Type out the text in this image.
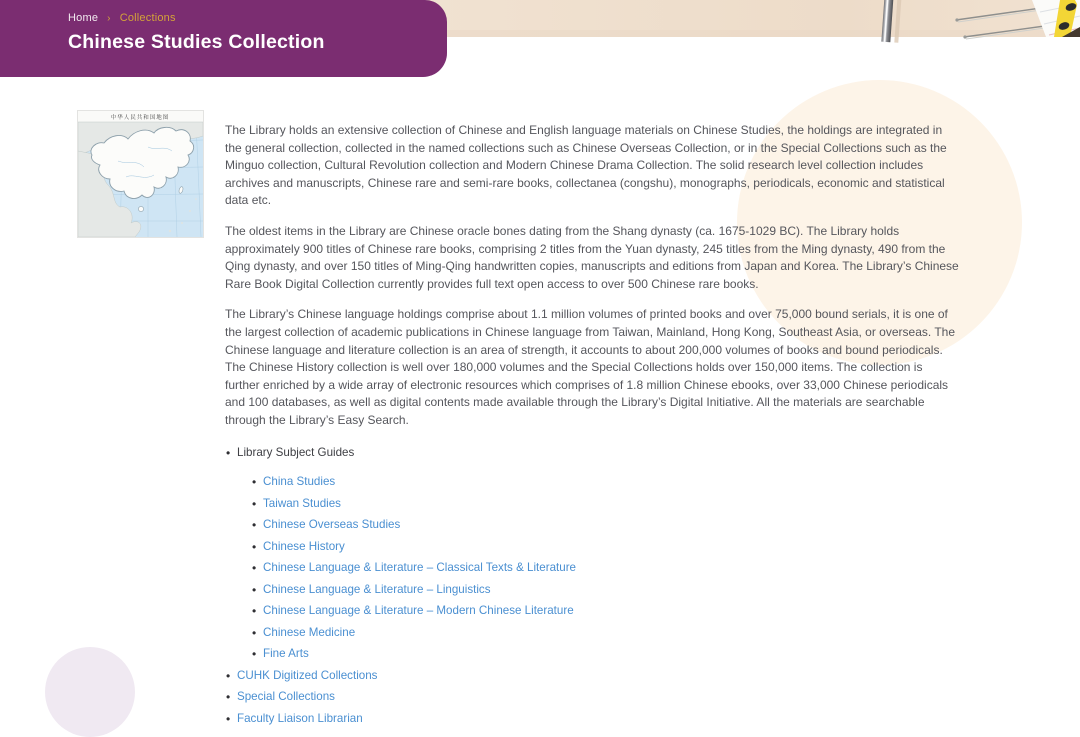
Home › Collections
Chinese Studies Collection
中华人民共和国地图

The Library holds an extensive collection of Chinese and English language materials on Chinese Studies, the holdings are integrated in the general collection, collected in the named collections such as Chinese Overseas Collection, or in the Special Collections such as the Minguo collection, Cultural Revolution collection and Modern Chinese Drama Collection. The solid research level collection includes archives and manuscripts, Chinese rare and semi-rare books, collectanea (congshu), monographs, periodicals, economic and statistical data etc.

The oldest items in the Library are Chinese oracle bones dating from the Shang dynasty (ca. 1675-1029 BC). The Library holds approximately 900 titles of Chinese rare books, comprising 2 titles from the Yuan dynasty, 245 titles from the Ming dynasty, 490 from the Qing dynasty, and over 150 titles of Ming-Qing handwritten copies, manuscripts and editions from Japan and Korea. The Library’s Chinese Rare Book Digital Collection currently provides full text open access to over 500 Chinese rare books.

The Library’s Chinese language holdings comprise about 1.1 million volumes of printed books and over 75,000 bound serials, it is one of the largest collection of academic publications in Chinese language from Taiwan, Mainland, Hong Kong, Southeast Asia, or overseas. The Chinese language and literature collection is an area of strength, it accounts to about 200,000 volumes of books and bound periodicals. The Chinese History collection is well over 180,000 volumes and the Special Collections holds over 150,000 items. The collection is further enriched by a wide array of electronic resources which comprises of 1.8 million Chinese ebooks, over 33,000 Chinese periodicals and 100 databases, as well as digital contents made available through the Library’s Digital Initiative. All the materials are searchable through the Library’s Easy Search.

• Library Subject Guides
• China Studies
• Taiwan Studies
• Chinese Overseas Studies
• Chinese History
• Chinese Language & Literature – Classical Texts & Literature
• Chinese Language & Literature – Linguistics
• Chinese Language & Literature – Modern Chinese Literature
• Chinese Medicine
• Fine Arts
• CUHK Digitized Collections
• Special Collections
• Faculty Liaison Librarian
